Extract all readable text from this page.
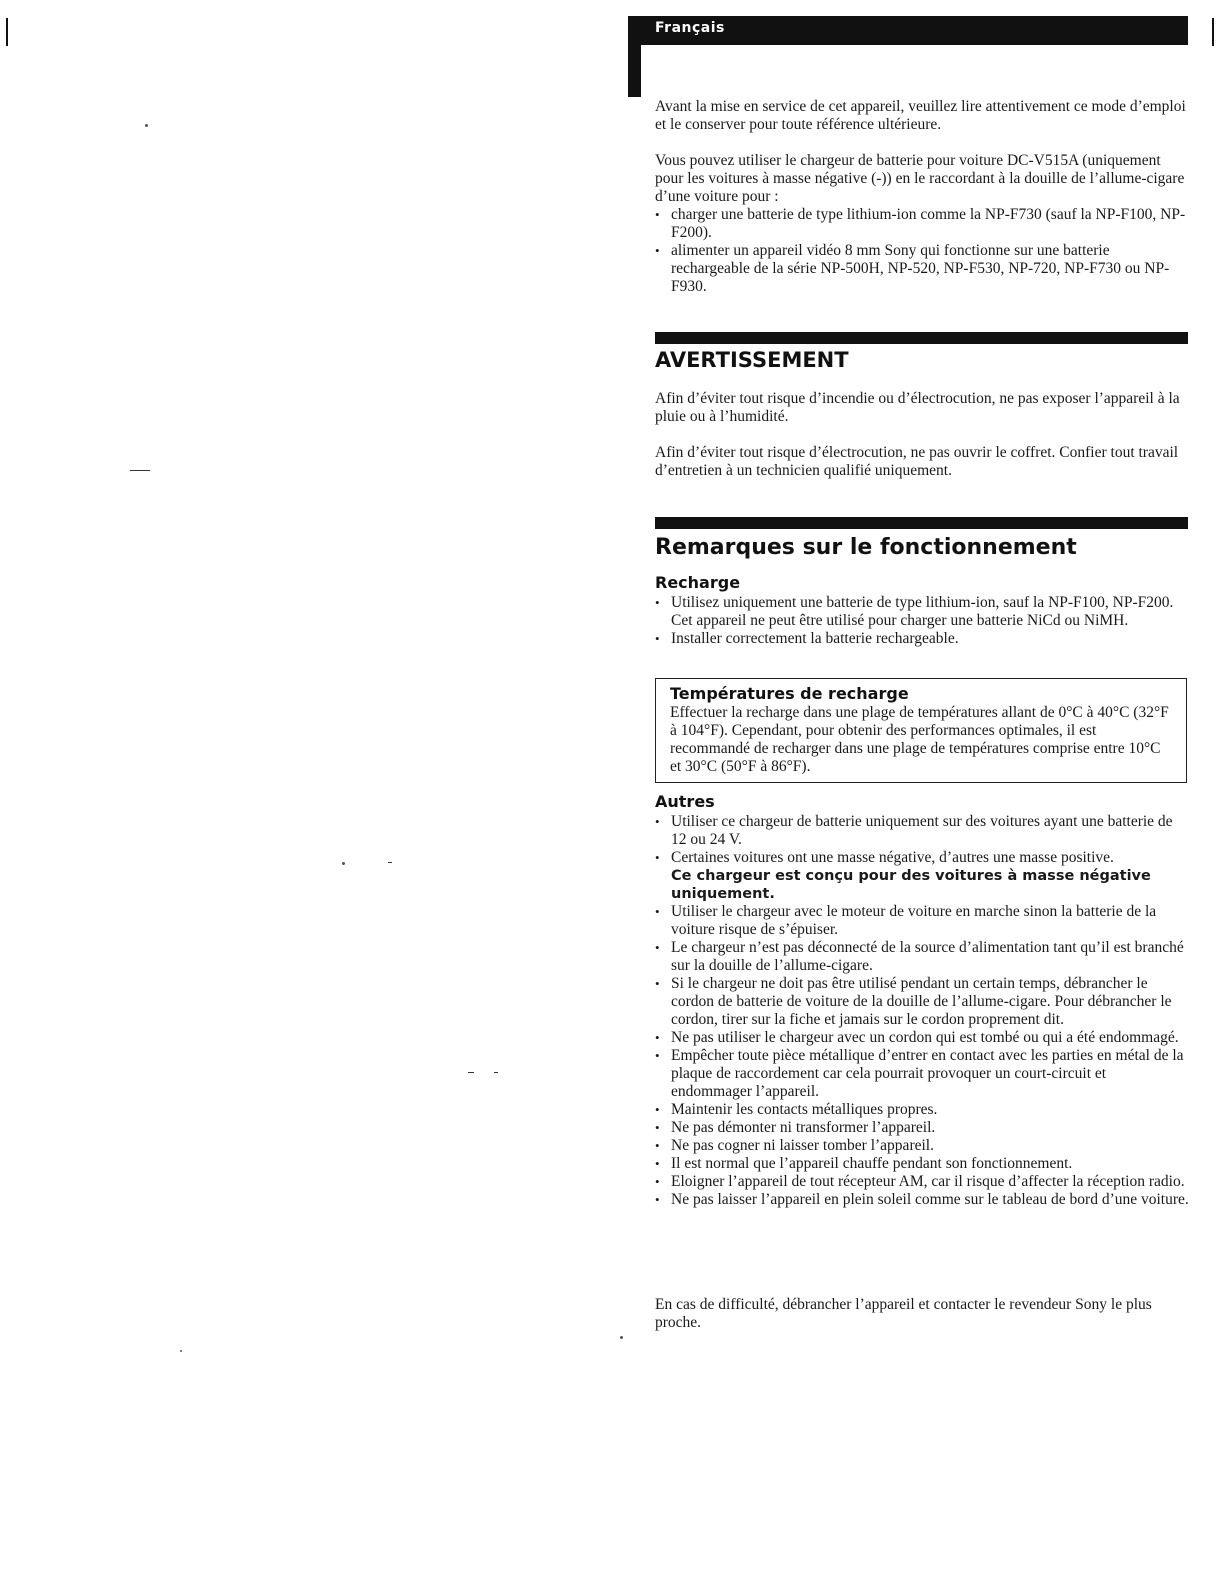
Français

Avant la mise en service de cet appareil, veuillez lire attentivement ce mode d’emploi et le conserver pour toute référence ultérieure.

Vous pouvez utiliser le chargeur de batterie pour voiture DC-V515A (uniquement pour les voitures à masse négative (-)) en le raccordant à la douille de l’allume-cigare d’une voiture pour :

• charger une batterie de type lithium-ion comme la NP-F730 (sauf la NP-F100, NP-F200).
• alimenter un appareil vidéo 8 mm Sony qui fonctionne sur une batterie rechargeable de la série NP-500H, NP-520, NP-F530, NP-720, NP-F730 ou NP-F930.
AVERTISSEMENT

Afin d’éviter tout risque d’incendie ou d’électrocution, ne pas exposer l’appareil à la pluie ou à l’humidité.

Afin d’éviter tout risque d’électrocution, ne pas ouvrir le coffret. Confier tout travail d’entretien à un technicien qualifié uniquement.

Remarques sur le fonctionnement
Recharge
• Utilisez uniquement une batterie de type lithium-ion, sauf la NP-F100, NP-F200. Cet appareil ne peut être utilisé pour charger une batterie NiCd ou NiMH.
• Installer correctement la batterie rechargeable.
Températures de recharge

Effectuer la recharge dans une plage de températures allant de 0°C à 40°C (32°F à 104°F). Cependant, pour obtenir des performances optimales, il est recommandé de recharger dans une plage de températures comprise entre 10°C et 30°C (50°F à 86°F).

Autres
• Utiliser ce chargeur de batterie uniquement sur des voitures ayant une batterie de 12 ou 24 V.
• Certaines voitures ont une masse négative, d’autres une masse positive.
Ce chargeur est conçu pour des voitures à masse négative uniquement.
• Utiliser le chargeur avec le moteur de voiture en marche sinon la batterie de la voiture risque de s’épuiser.
• Le chargeur n’est pas déconnecté de la source d’alimentation tant qu’il est branché sur la douille de l’allume-cigare.
• Si le chargeur ne doit pas être utilisé pendant un certain temps, débrancher le cordon de batterie de voiture de la douille de l’allume-cigare. Pour débrancher le cordon, tirer sur la fiche et jamais sur le cordon proprement dit.
• Ne pas utiliser le chargeur avec un cordon qui est tombé ou qui a été endommagé.
• Empêcher toute pièce métallique d’entrer en contact avec les parties en métal de la plaque de raccordement car cela pourrait provoquer un court-circuit et endommager l’appareil.
• Maintenir les contacts métalliques propres.
• Ne pas démonter ni transformer l’appareil.
• Ne pas cogner ni laisser tomber l’appareil.
• Il est normal que l’appareil chauffe pendant son fonctionnement.
• Eloigner l’appareil de tout récepteur AM, car il risque d’affecter la réception radio.
• Ne pas laisser l’appareil en plein soleil comme sur le tableau de bord d’une voiture.

En cas de difficulté, débrancher l’appareil et contacter le revendeur Sony le plus proche.
